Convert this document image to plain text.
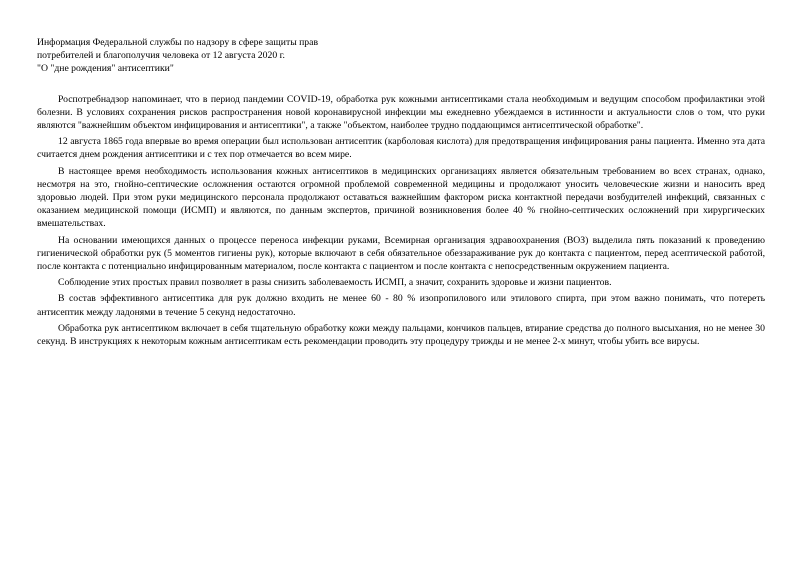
Информация Федеральной службы по надзору в сфере защиты прав
потребителей и благополучия человека от 12 августа 2020 г.
"О "дне рождения" антисептики"

Роспотребнадзор напоминает, что в период пандемии COVID-19, обработка рук кожными антисептиками стала необходимым и ведущим способом профилактики этой болезни. В условиях сохранения рисков распространения новой коронавирусной инфекции мы ежедневно убеждаемся в истинности и актуальности слов о том, что руки являются "важнейшим объектом инфицирования и антисептики", а также "объектом, наиболее трудно поддающимся антисептической обработке".

12 августа 1865 года впервые во время операции был использован антисептик (карболовая кислота) для предотвращения инфицирования раны пациента. Именно эта дата считается днем рождения антисептики и с тех пор отмечается во всем мире.

В настоящее время необходимость использования кожных антисептиков в медицинских организациях является обязательным требованием во всех странах, однако, несмотря на это, гнойно-септические осложнения остаются огромной проблемой современной медицины и продолжают уносить человеческие жизни и наносить вред здоровью людей. При этом руки медицинского персонала продолжают оставаться важнейшим фактором риска контактной передачи возбудителей инфекций, связанных с оказанием медицинской помощи (ИСМП) и являются, по данным экспертов, причиной возникновения более 40 % гнойно-септических осложнений при хирургических вмешательствах.

На основании имеющихся данных о процессе переноса инфекции руками, Всемирная организация здравоохранения (ВОЗ) выделила пять показаний к проведению гигиенической обработки рук (5 моментов гигиены рук), которые включают в себя обязательное обеззараживание рук до контакта с пациентом, перед асептической работой, после контакта с потенциально инфицированным материалом, после контакта с пациентом и после контакта с непосредственным окружением пациента.

Соблюдение этих простых правил позволяет в разы снизить заболеваемость ИСМП, а значит, сохранить здоровье и жизни пациентов.

В состав эффективного антисептика для рук должно входить не менее 60 - 80 % изопропилового или этилового спирта, при этом важно понимать, что потереть антисептик между ладонями в течение 5 секунд недостаточно.

Обработка рук антисептиком включает в себя тщательную обработку кожи между пальцами, кончиков пальцев, втирание средства до полного высыхания, но не менее 30 секунд. В инструкциях к некоторым кожным антисептикам есть рекомендации проводить эту процедуру трижды и не менее 2-х минут, чтобы убить все вирусы.
